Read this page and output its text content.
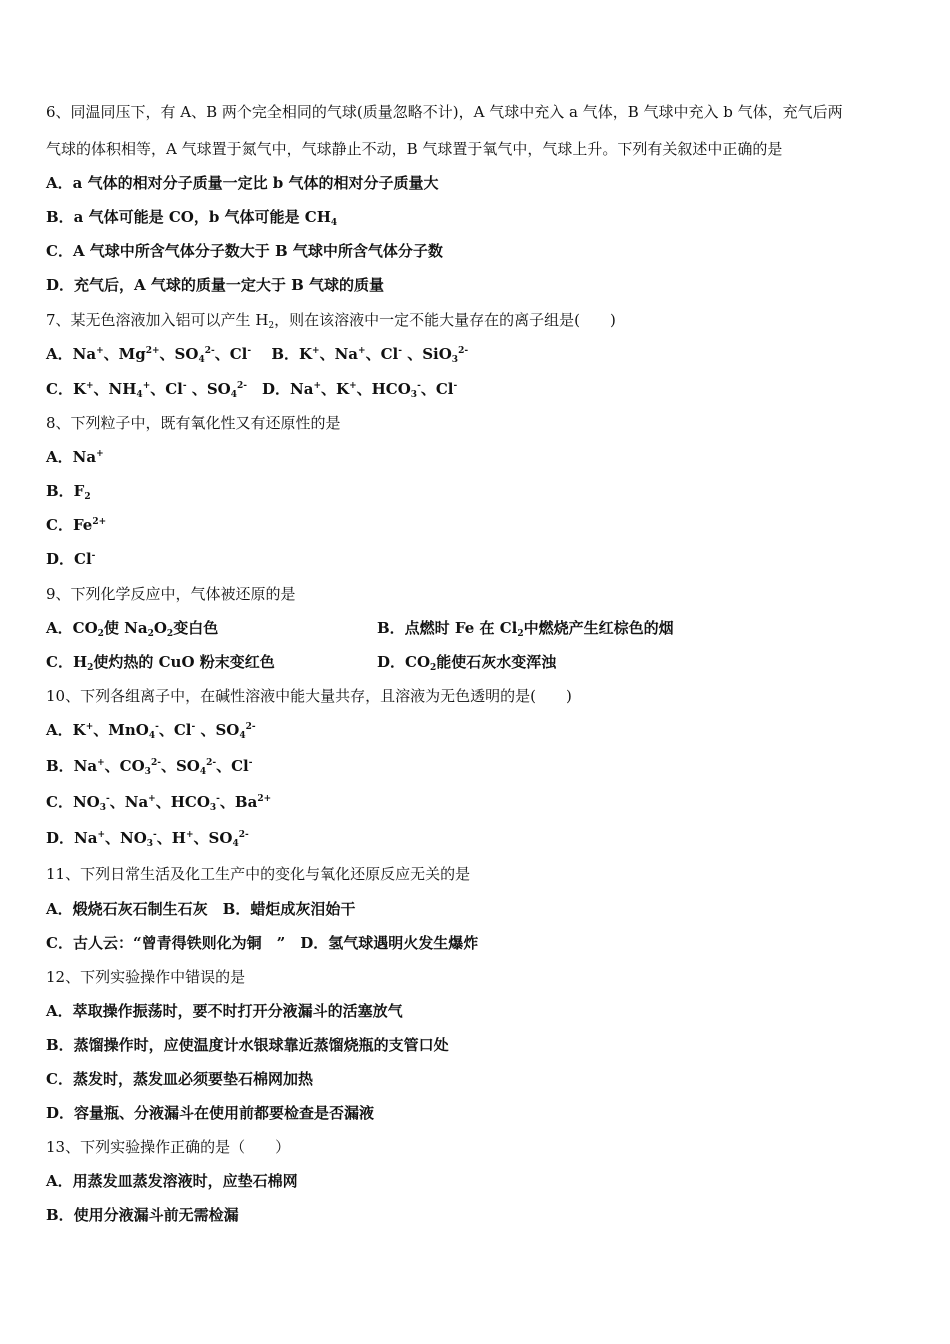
6、同温同压下，有 A、B 两个完全相同的气球(质量忽略不计)，A 气球中充入 a 气体，B 气球中充入 b 气体，充气后两
气球的体积相等，A 气球置于氮气中，气球静止不动，B 气球置于氧气中，气球上升。下列有关叙述中正确的是
A．a 气体的相对分子质量一定比 b 气体的相对分子质量大
B．a 气体可能是 CO，b 气体可能是 $CH_4$
C．A 气球中所含气体分子数大于 B 气球中所含气体分子数
D．充气后，A 气球的质量一定大于 B 气球的质量
7、某无色溶液加入铝可以产生 $H_2$，则在该溶液中一定不能大量存在的离子组是(　　)
A．Na+、$Mg^{2+}$、$SO_4^{2-}$、Cl-　 B．K+、Na+、Cl- 、SiO$_3^{2-}$
C．K+、$NH_4^+$、Cl- 、$SO_4^{2-}$　D．Na+、K+、$HCO_3^-$、Cl-
8、下列粒子中，既有氧化性又有还原性的是
A．Na+
B．$F_2$
C．$Fe^{2+}$
D．Cl-
9、下列化学反应中，气体被还原的是
A．$CO_2$使 $Na_2O_2$变白色	B．点燃时 Fe 在 $Cl_2$中燃烧产生红棕色的烟
C．$H_2$使灼热的 CuO 粉末变红色	D．$CO_2$能使石灰水变浑浊
10、下列各组离子中，在碱性溶液中能大量共存，且溶液为无色透明的是(　　)
A．K+、MnO$_4$-、Cl- 、$SO_4^{2-}$
B．Na+、$CO_3^{2-}$、$SO_4^{2-}$、Cl-
C．$NO_3^-$、Na+、$HCO_3^-$、$Ba^{2+}$
D．Na+、$NO_3^-$、H+、$SO_4^{2-}$
11、下列日常生活及化工生产中的变化与氧化还原反应无关的是
A．煅烧石灰石制生石灰　B．蜡炬成灰泪始干
C．古人云：“曾青得铁则化为铜　”　D．氢气球遇明火发生爆炸
12、下列实验操作中错误的是
A．萃取操作振荡时，要不时打开分液漏斗的活塞放气
B．蒸馏操作时，应使温度计水银球靠近蒸馏烧瓶的支管口处
C．蒸发时，蒸发皿必须要垫石棉网加热
D．容量瓶、分液漏斗在使用前都要检查是否漏液
13、下列实验操作正确的是（　　）
A．用蒸发皿蒸发溶液时，应垫石棉网
B．使用分液漏斗前无需检漏
